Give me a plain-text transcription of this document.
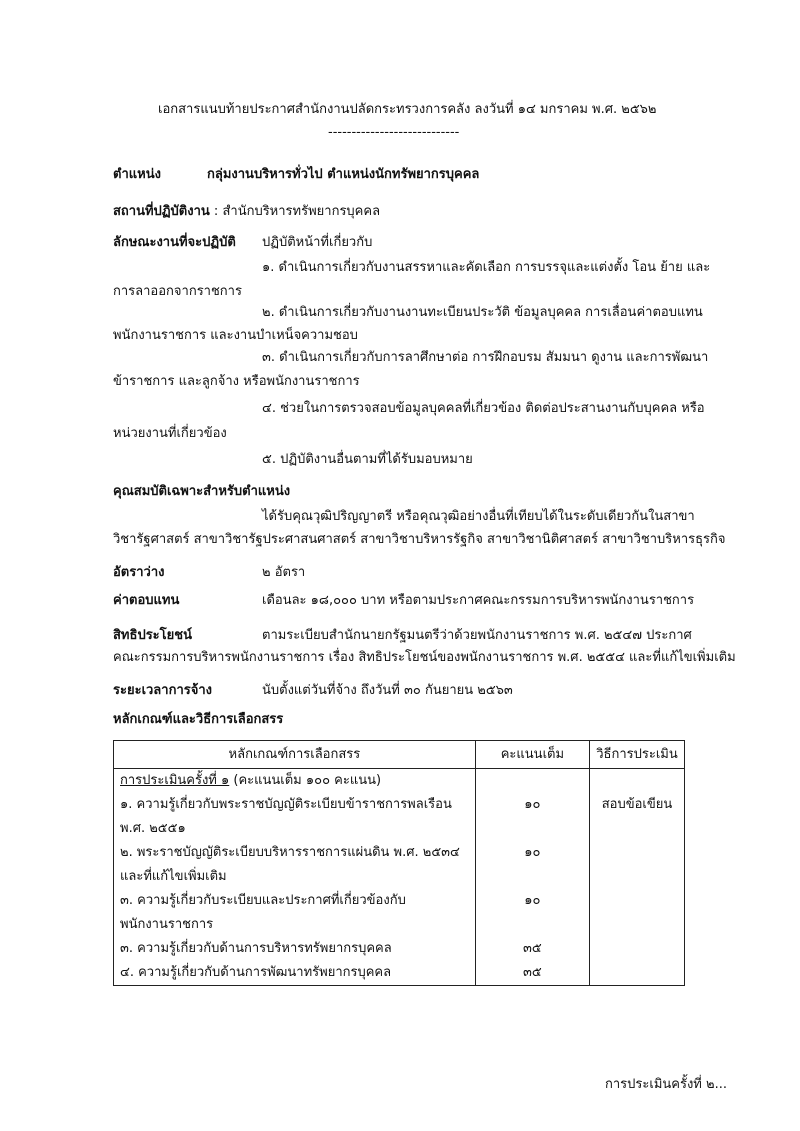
เอกสารแนบท้ายประกาศสำนักงานปลัดกระทรวงการคลัง ลงวันที่ ๑๔ มกราคม พ.ศ. ๒๕๖๒
----------------------------
ตำแหน่ง	กลุ่มงานบริหารทั่วไป ตำแหน่งนักทรัพยากรบุคคล
สถานที่ปฏิบัติงาน : สำนักบริหารทรัพยากรบุคคล
ลักษณะงานที่จะปฏิบัติ ปฏิบัติหน้าที่เกี่ยวกับ
๑. ดำเนินการเกี่ยวกับงานสรรหาและคัดเลือก การบรรจุและแต่งตั้ง โอน ย้าย และ
การลาออกจากราชการ
๒. ดำเนินการเกี่ยวกับงานงานทะเบียนประวัติ ข้อมูลบุคคล การเลื่อนค่าตอบแทน
พนักงานราชการ และงานบำเหน็จความชอบ
๓. ดำเนินการเกี่ยวกับการลาศึกษาต่อ การฝึกอบรม สัมมนา ดูงาน และการพัฒนา
ข้าราชการ และลูกจ้าง หรือพนักงานราชการ
๔. ช่วยในการตรวจสอบข้อมูลบุคคลที่เกี่ยวข้อง ติดต่อประสานงานกับบุคคล หรือ
หน่วยงานที่เกี่ยวข้อง
๕. ปฏิบัติงานอื่นตามที่ได้รับมอบหมาย
คุณสมบัติเฉพาะสำหรับตำแหน่ง
ได้รับคุณวุฒิปริญญาตรี หรือคุณวุฒิอย่างอื่นที่เทียบได้ในระดับเดียวกันในสาขา
วิชารัฐศาสตร์ สาขาวิชารัฐประศาสนศาสตร์ สาขาวิชาบริหารรัฐกิจ สาขาวิชานิติศาสตร์ สาขาวิชาบริหารธุรกิจ
อัตราว่าง	๒ อัตรา
ค่าตอบแทน	เดือนละ ๑๘,๐๐๐ บาท หรือตามประกาศคณะกรรมการบริหารพนักงานราชการ
สิทธิประโยชน์	ตามระเบียบสำนักนายกรัฐมนตรีว่าด้วยพนักงานราชการ พ.ศ. ๒๕๔๗ ประกาศ
คณะกรรมการบริหารพนักงานราชการ เรื่อง สิทธิประโยชน์ของพนักงานราชการ พ.ศ. ๒๕๕๔ และที่แก้ไขเพิ่มเติม
ระยะเวลาการจ้าง	นับตั้งแต่วันที่จ้าง ถึงวันที่ ๓๐ กันยายน ๒๕๖๓
หลักเกณฑ์และวิธีการเลือกสรร
หลักเกณฑ์การเลือกสรร	คะแนนเต็ม	วิธีการประเมิน
การประเมินครั้งที่ ๑ (คะแนนเต็ม ๑๐๐ คะแนน)		
๑. ความรู้เกี่ยวกับพระราชบัญญัติระเบียบข้าราชการพลเรือน	๑๐	สอบข้อเขียน
พ.ศ. ๒๕๕๑		
๒. พระราชบัญญัติระเบียบบริหารราชการแผ่นดิน พ.ศ. ๒๕๓๔	๑๐	
และที่แก้ไขเพิ่มเติม		
๓. ความรู้เกี่ยวกับระเบียบและประกาศที่เกี่ยวข้องกับ	๑๐	
พนักงานราชการ		
๓. ความรู้เกี่ยวกับด้านการบริหารทรัพยากรบุคคล	๓๕	
๔. ความรู้เกี่ยวกับด้านการพัฒนาทรัพยากรบุคคล	๓๕	
การประเมินครั้งที่ ๒...
